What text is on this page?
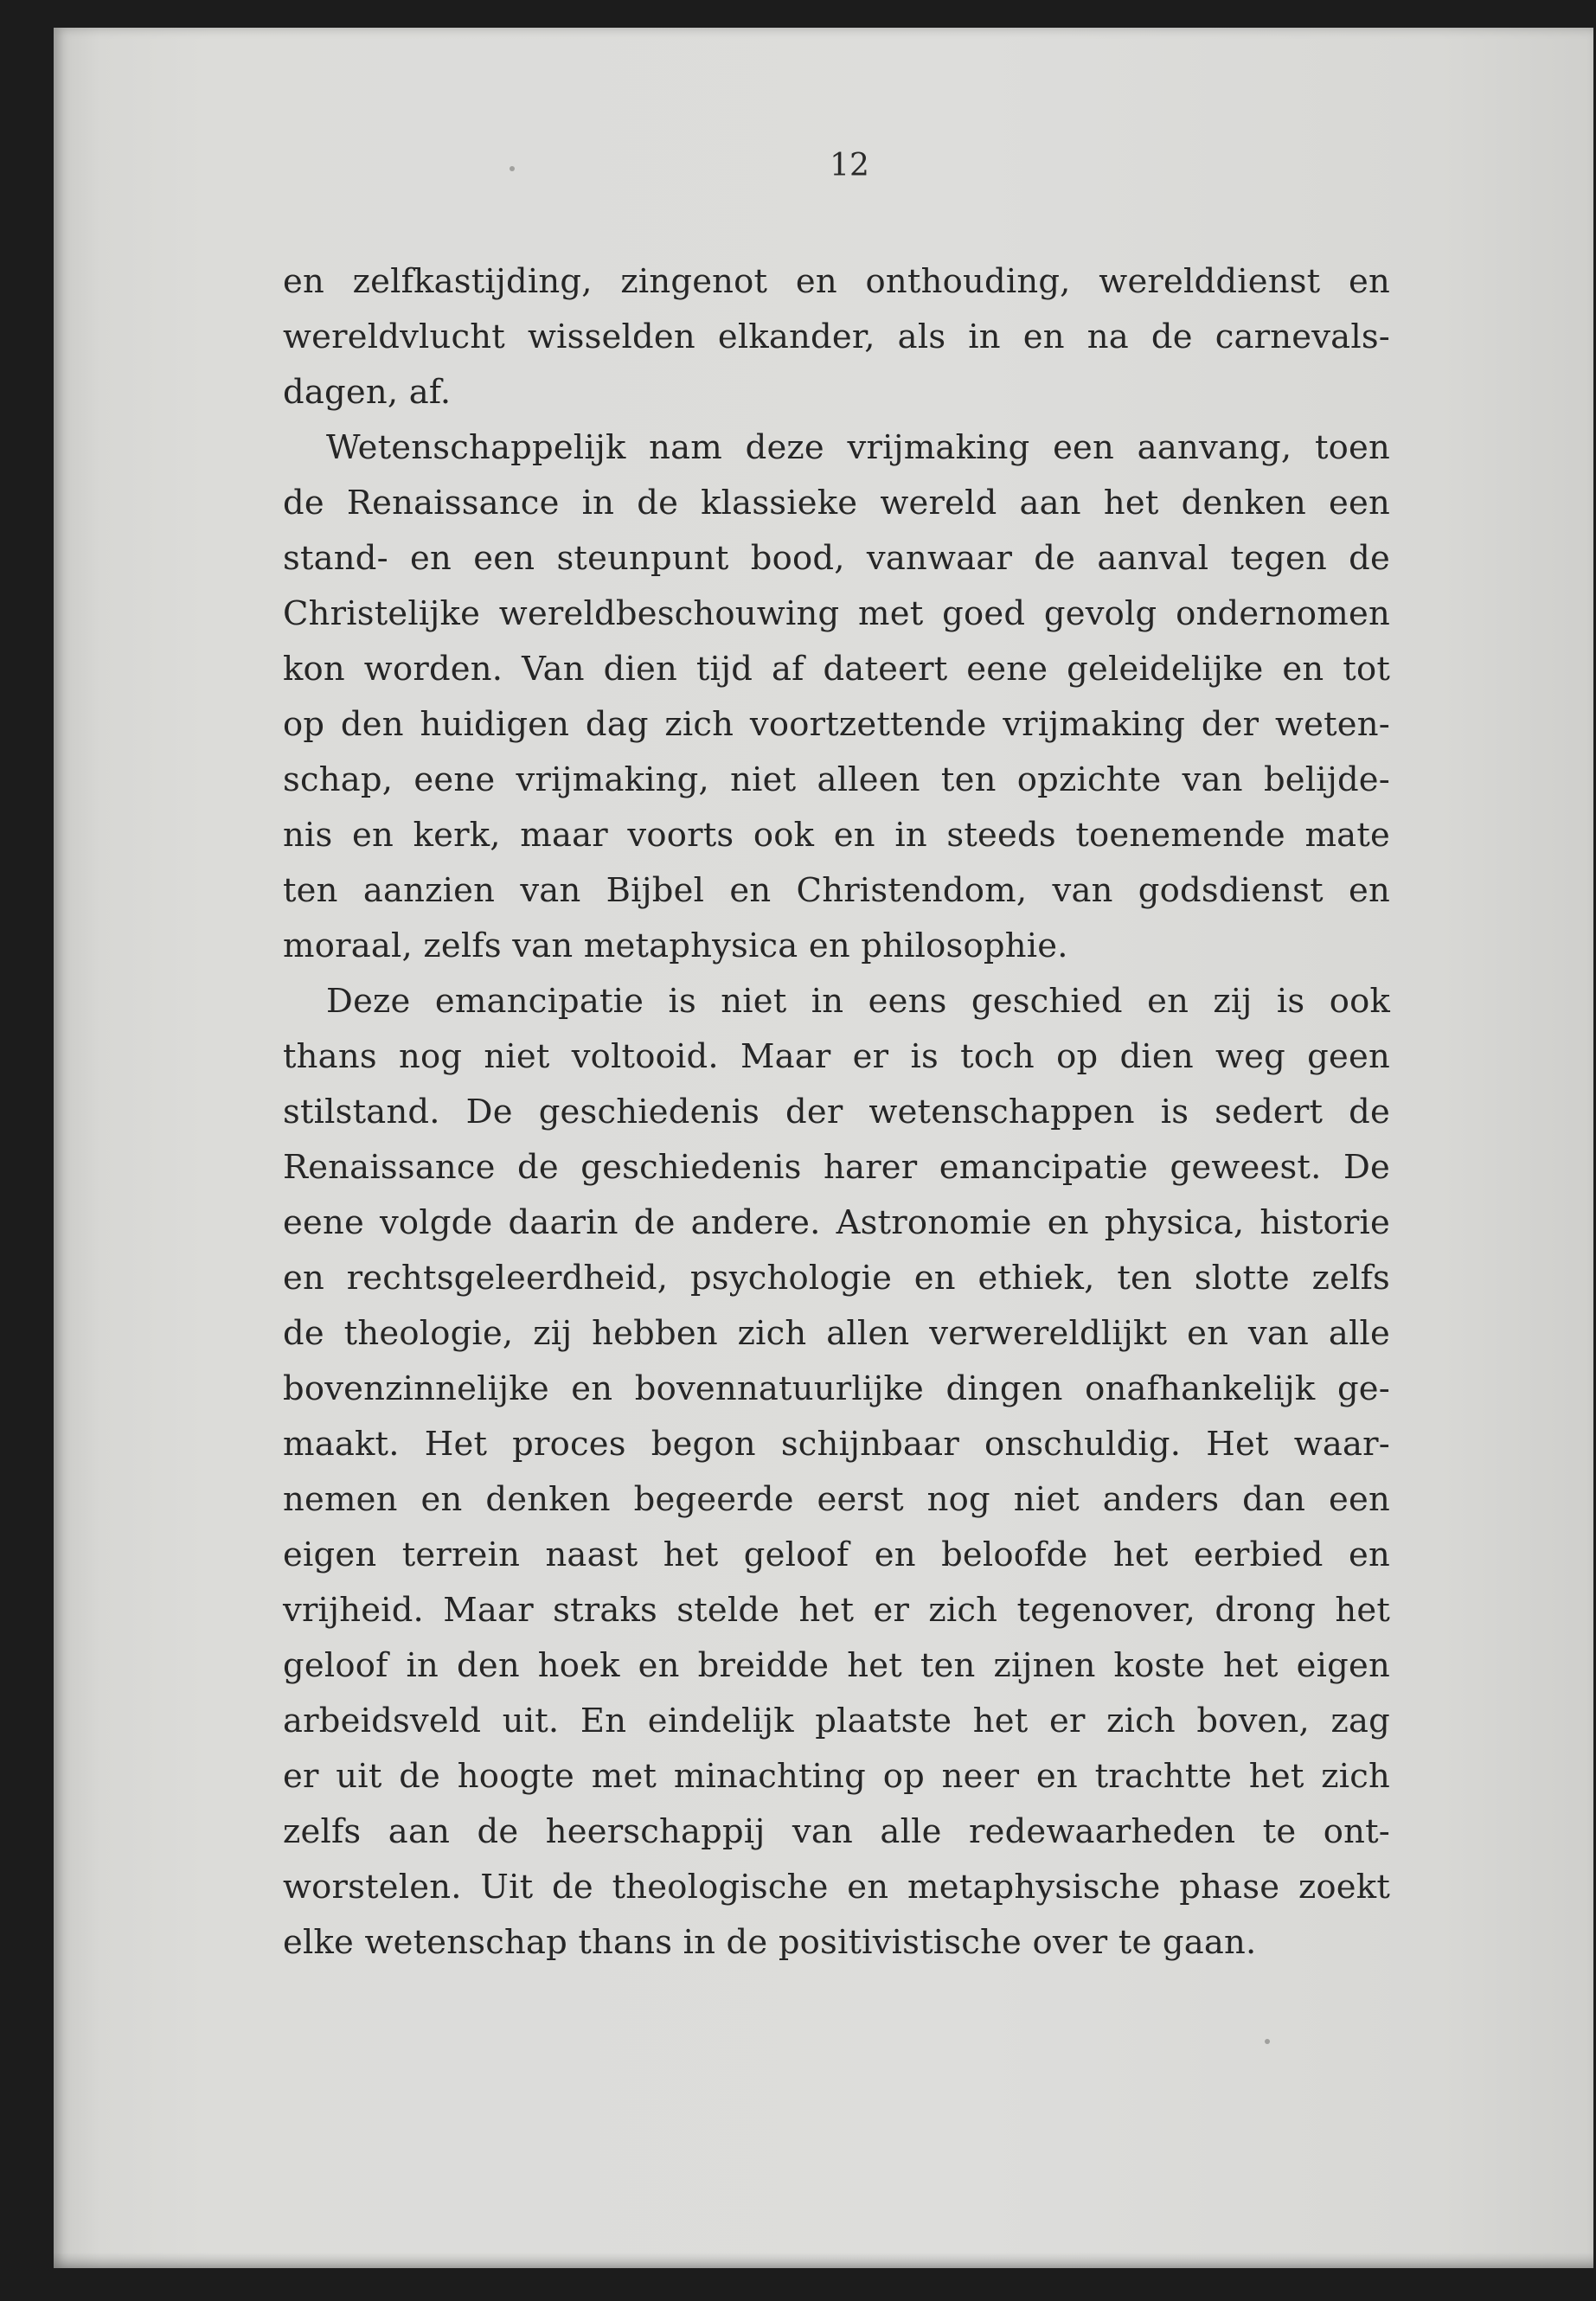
12
en zelfkastijding, zingenot en onthouding, werelddienst en
wereldvlucht wisselden elkander, als in en na de carnevals-
dagen, af.
Wetenschappelijk nam deze vrijmaking een aanvang, toen
de Renaissance in de klassieke wereld aan het denken een
stand- en een steunpunt bood, vanwaar de aanval tegen de
Christelijke wereldbeschouwing met goed gevolg ondernomen
kon worden. Van dien tijd af dateert eene geleidelijke en tot
op den huidigen dag zich voortzettende vrijmaking der weten-
schap, eene vrijmaking, niet alleen ten opzichte van belijde-
nis en kerk, maar voorts ook en in steeds toenemende mate
ten aanzien van Bijbel en Christendom, van godsdienst en
moraal, zelfs van metaphysica en philosophie.
Deze emancipatie is niet in eens geschied en zij is ook
thans nog niet voltooid. Maar er is toch op dien weg geen
stilstand. De geschiedenis der wetenschappen is sedert de
Renaissance de geschiedenis harer emancipatie geweest. De
eene volgde daarin de andere. Astronomie en physica, historie
en rechtsgeleerdheid, psychologie en ethiek, ten slotte zelfs
de theologie, zij hebben zich allen verwereldlijkt en van alle
bovenzinnelijke en bovennatuurlijke dingen onafhankelijk ge-
maakt. Het proces begon schijnbaar onschuldig. Het waar-
nemen en denken begeerde eerst nog niet anders dan een
eigen terrein naast het geloof en beloofde het eerbied en
vrijheid. Maar straks stelde het er zich tegenover, drong het
geloof in den hoek en breidde het ten zijnen koste het eigen
arbeidsveld uit. En eindelijk plaatste het er zich boven, zag
er uit de hoogte met minachting op neer en trachtte het zich
zelfs aan de heerschappij van alle redewaarheden te ont-
worstelen. Uit de theologische en metaphysische phase zoekt
elke wetenschap thans in de positivistische over te gaan.
